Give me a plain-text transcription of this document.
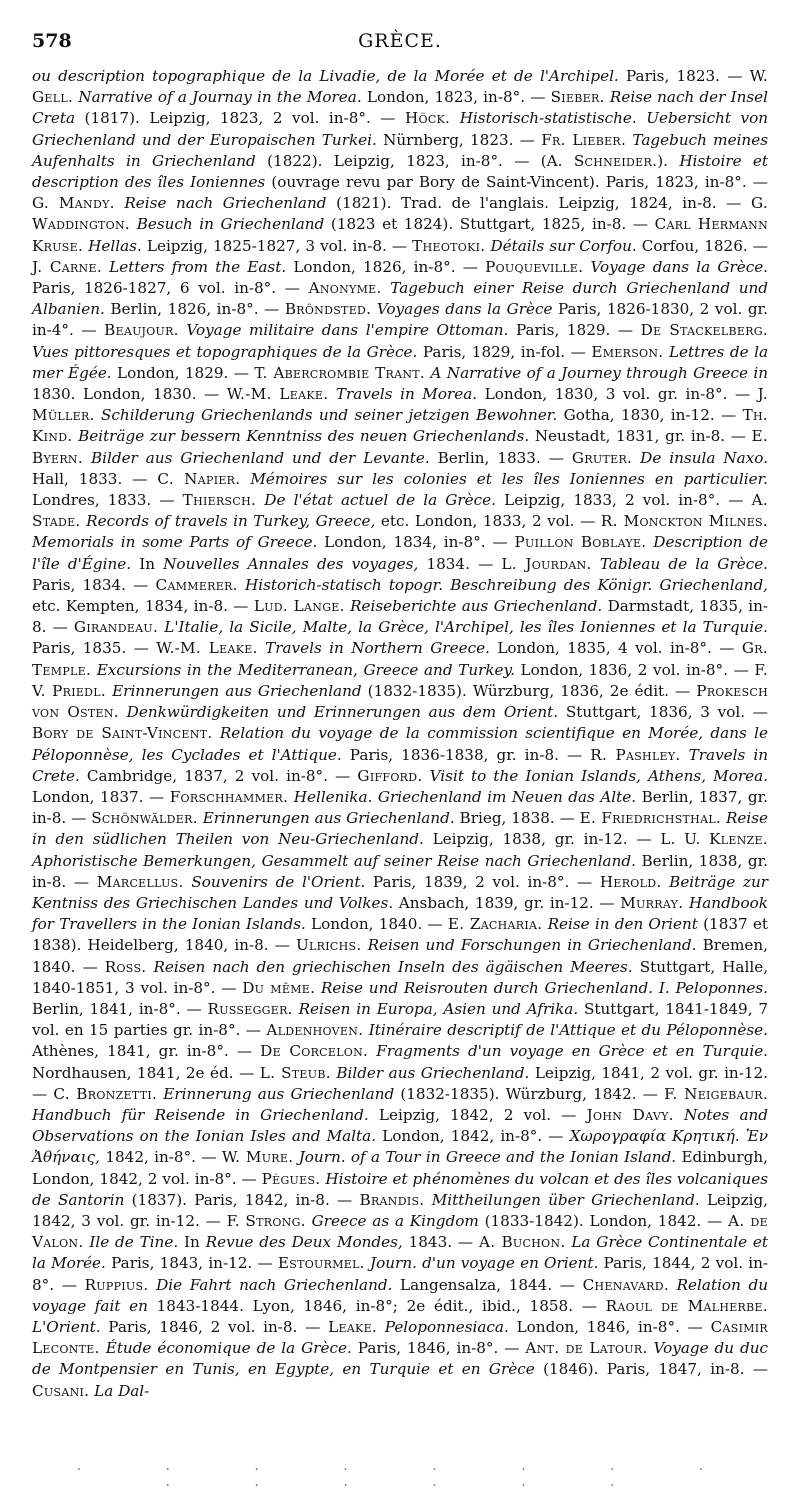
578	GRÈCE.

ou description topographique de la Livadie, de la Morée et de l'Archipel. Paris, 1823. — W. Gell. Narrative of a Journay in the Morea. London, 1823, in-8°. — Sieber. Reise nach der Insel Creta (1817). Leipzig, 1823, 2 vol. in-8°. — Höck. Historisch-statistische. Uebersicht von Griechenland und der Europaischen Turkei. Nürnberg, 1823. — Fr. Lieber. Tagebuch meines Aufenhalts in Griechenland (1822). Leipzig, 1823, in-8°. — (A. Schneider.). Histoire et description des îles Ioniennes (ouvrage revu par Bory de Saint-Vincent). Paris, 1823, in-8°. — G. Mandy. Reise nach Griechenland (1821). Trad. de l'anglais. Leipzig, 1824, in-8. — G. Waddington. Besuch in Griechenland (1823 et 1824). Stuttgart, 1825, in-8. — Carl Hermann Kruse. Hellas. Leipzig, 1825-1827, 3 vol. in-8. — Theotoki. Détails sur Corfou. Corfou, 1826. — J. Carne. Letters from the East. London, 1826, in-8°. — Pouqueville. Voyage dans la Grèce. Paris, 1826-1827, 6 vol. in-8°. — Anonyme. Tagebuch einer Reise durch Griechenland und Albanien. Berlin, 1826, in-8°. — Bröndsted. Voyages dans la Grèce Paris, 1826-1830, 2 vol. gr. in-4°. — Beaujour. Voyage militaire dans l'empire Ottoman. Paris, 1829. — De Stackelberg. Vues pittoresques et topographiques de la Grèce. Paris, 1829, in-fol. — Emerson. Lettres de la mer Égée. London, 1829. — T. Abercrombie Trant. A Narrative of a Journey through Greece in 1830. London, 1830. — W.-M. Leake. Travels in Morea. London, 1830, 3 vol. gr. in-8°. — J. Müller. Schilderung Griechenlands und seiner jetzigen Bewohner. Gotha, 1830, in-12. — Th. Kind. Beiträge zur bessern Kenntniss des neuen Griechenlands. Neustadt, 1831, gr. in-8. — E. Byern. Bilder aus Griechenland und der Levante. Berlin, 1833. — Gruter. De insula Naxo. Hall, 1833. — C. Napier. Mémoires sur les colonies et les îles Ioniennes en particulier. Londres, 1833. — Thiersch. De l'état actuel de la Grèce. Leipzig, 1833, 2 vol. in-8°. — A. Stade. Records of travels in Turkey, Greece, etc. London, 1833, 2 vol. — R. Monckton Milnes. Memorials in some Parts of Greece. London, 1834, in-8°. — Puillon Boblaye. Description de l'île d'Égine. In Nouvelles Annales des voyages, 1834. — L. Jourdan. Tableau de la Grèce. Paris, 1834. — Cammerer. Historich-statisch topogr. Beschreibung des Königr. Griechenland, etc. Kempten, 1834, in-8. — Lud. Lange. Reiseberichte aus Griechenland. Darmstadt, 1835, in-8. — Girandeau. L'Italie, la Sicile, Malte, la Grèce, l'Archipel, les îles Ioniennes et la Turquie. Paris, 1835. — W.-M. Leake. Travels in Northern Greece. London, 1835, 4 vol. in-8°. — Gr. Temple. Excursions in the Mediterranean, Greece and Turkey. London, 1836, 2 vol. in-8°. — F. V. Priedl. Erinnerungen aus Griechenland (1832-1835). Würzburg, 1836, 2e édit. — Prokesch von Osten. Denkwürdigkeiten und Erinnerungen aus dem Orient. Stuttgart, 1836, 3 vol. — Bory de Saint-Vincent. Relation du voyage de la commission scientifique en Morée, dans le Péloponnèse, les Cyclades et l'Attique. Paris, 1836-1838, gr. in-8. — R. Pashley. Travels in Crete. Cambridge, 1837, 2 vol. in-8°. — Gifford. Visit to the Ionian Islands, Athens, Morea. London, 1837. — Forschhammer. Hellenika. Griechenland im Neuen das Alte. Berlin, 1837, gr. in-8. — Schönwälder. Erinnerungen aus Griechenland. Brieg, 1838. — E. Friedrichsthal. Reise in den südlichen Theilen von Neu-Griechenland. Leipzig, 1838, gr. in-12. — L. U. Klenze. Aphoristische Bemerkungen, Gesammelt auf seiner Reise nach Griechenland. Berlin, 1838, gr. in-8. — Marcellus. Souvenirs de l'Orient. Paris, 1839, 2 vol. in-8°. — Herold. Beiträge zur Kentniss des Griechischen Landes und Volkes. Ansbach, 1839, gr. in-12. — Murray. Handbook for Travellers in the Ionian Islands. London, 1840. — E. Zacharia. Reise in den Orient (1837 et 1838). Heidelberg, 1840, in-8. — Ulrichs. Reisen und Forschungen in Griechenland. Bremen, 1840. — Ross. Reisen nach den griechischen Inseln des ägäischen Meeres. Stuttgart, Halle, 1840-1851, 3 vol. in-8°. — Du même. Reise und Reisrouten durch Griechenland. I. Peloponnes. Berlin, 1841, in-8°. — Russegger. Reisen in Europa, Asien und Afrika. Stuttgart, 1841-1849, 7 vol. en 15 parties gr. in-8°. — Aldenhoven. Itinéraire descriptif de l'Attique et du Péloponnèse. Athènes, 1841, gr. in-8°. — De Corcelon. Fragments d'un voyage en Grèce et en Turquie. Nordhausen, 1841, 2e éd. — L. Steub. Bilder aus Griechenland. Leipzig, 1841, 2 vol. gr. in-12. — C. Bronzetti. Erinnerung aus Griechenland (1832-1835). Würzburg, 1842. — F. Neigebaur. Handbuch für Reisende in Griechenland. Leipzig, 1842, 2 vol. — John Davy. Notes and Observations on the Ionian Isles and Malta. London, 1842, in-8°. — Χωρογραφία Κρητική. Ἐν Ἀθήναις, 1842, in-8°. — W. Mure. Journ. of a Tour in Greece and the Ionian Island. Edinburgh, London, 1842, 2 vol. in-8°. — Pègues. Histoire et phénomènes du volcan et des îles volcaniques de Santorin (1837). Paris, 1842, in-8. — Brandis. Mittheilungen über Griechenland. Leipzig, 1842, 3 vol. gr. in-12. — F. Strong. Greece as a Kingdom (1833-1842). London, 1842. — A. de Valon. Ile de Tine. In Revue des Deux Mondes, 1843. — A. Buchon. La Grèce Continentale et la Morée. Paris, 1843, in-12. — Estourmel. Journ. d'un voyage en Orient. Paris, 1844, 2 vol. in-8°. — Ruppius. Die Fahrt nach Griechenland. Langensalza, 1844. — Chenavard. Relation du voyage fait en 1843-1844. Lyon, 1846, in-8°; 2e édit., ibid., 1858. — Raoul de Malherbe. L'Orient. Paris, 1846, 2 vol. in-8. — Leake. Peloponnesiaca. London, 1846, in-8°. — Casimir Leconte. Étude économique de la Grèce. Paris, 1846, in-8°. — Ant. de Latour. Voyage du duc de Montpensier en Tunis, en Egypte, en Turquie et en Grèce (1846). Paris, 1847, in-8. — Cusani. La Dal-

. . . . . . . . . . . . . .
